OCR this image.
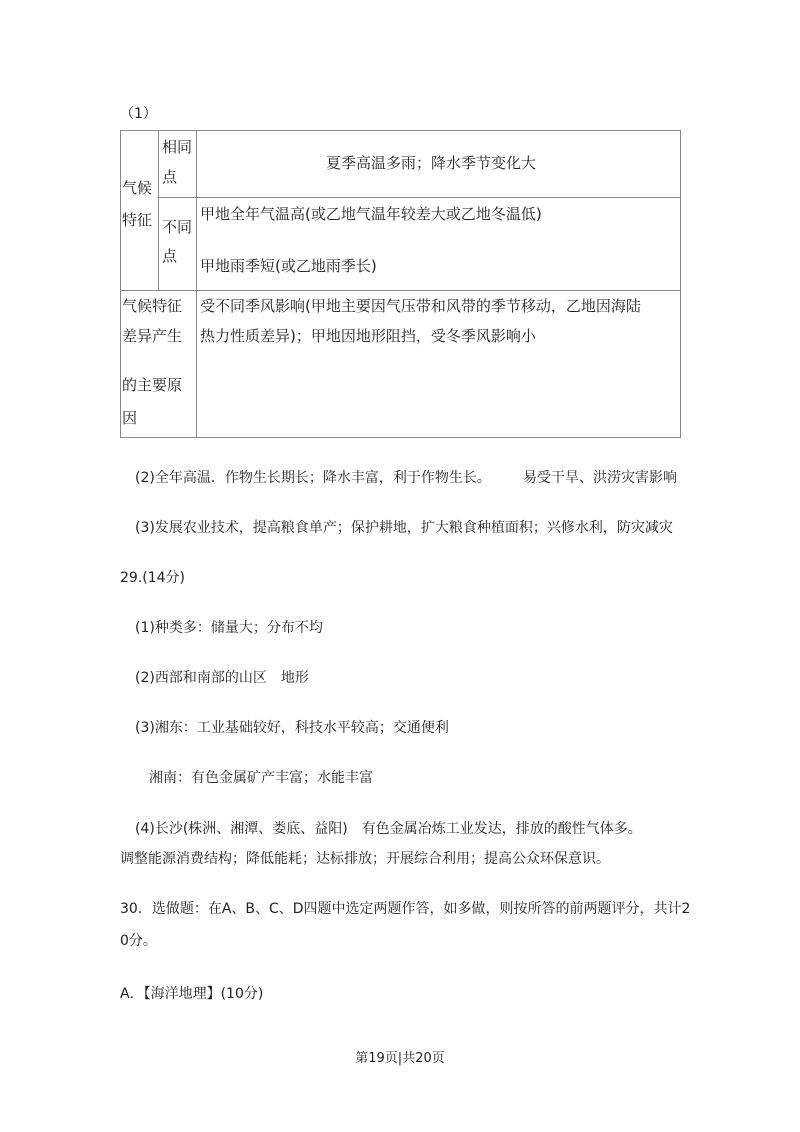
（1）
气候
特征
相同
点
夏季高温多雨；降水季节变化大
不同
点
甲地全年气温高(或乙地气温年较差大或乙地冬温低)
甲地雨季短(或乙地雨季长)
气候特征
差异产生
的主要原
因
受不同季风影响(甲地主要因气压带和风带的季节移动，乙地因海陆
热力性质差异)；甲地因地形阻挡，受冬季风影响小
(2)全年高温．作物生长期长；降水丰富，利于作物生长。 易受干旱、洪涝灾害影响
(3)发展农业技术，提高粮食单产；保护耕地，扩大粮食种植面积；兴修水利，防灾减灾
29.(14分)
(1)种类多：储量大；分布不均
(2)西部和南部的山区　地形
(3)湘东：工业基础较好，科技水平较高；交通便利
湘南：有色金属矿产丰富；水能丰富
(4)长沙(株洲、湘潭、娄底、益阳)　有色金属冶炼工业发达，排放的酸性气体多。
调整能源消费结构；降低能耗；达标排放；开展综合利用；提高公众环保意识。
30．选做题：在A、B、C、D四题中选定两题作答，如多做，则按所答的前两题评分，共计2
0分。
A．【海洋地理】(10分)
第19页|共20页
